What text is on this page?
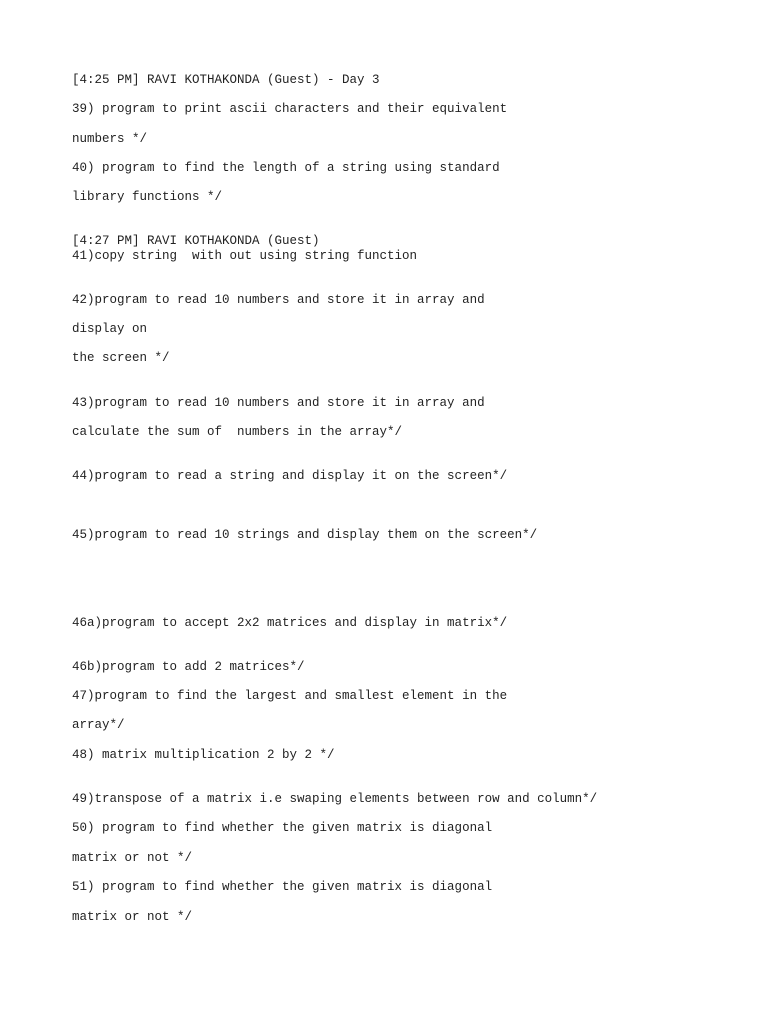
[4:25 PM] RAVI KOTHAKONDA (Guest) - Day 3
39) program to print ascii characters and their equivalent
numbers */
40) program to find the length of a string using standard
library functions */
[4:27 PM] RAVI KOTHAKONDA (Guest)
41)copy string  with out using string function
42)program to read 10 numbers and store it in array and
display on
the screen */
43)program to read 10 numbers and store it in array and
calculate the sum of  numbers in the array*/
44)program to read a string and display it on the screen*/
45)program to read 10 strings and display them on the screen*/
46a)program to accept 2x2 matrices and display in matrix*/
46b)program to add 2 matrices*/
47)program to find the largest and smallest element in the
array*/
48) matrix multiplication 2 by 2 */
49)transpose of a matrix i.e swaping elements between row and column*/
50) program to find whether the given matrix is diagonal
matrix or not */
51) program to find whether the given matrix is diagonal
matrix or not */
